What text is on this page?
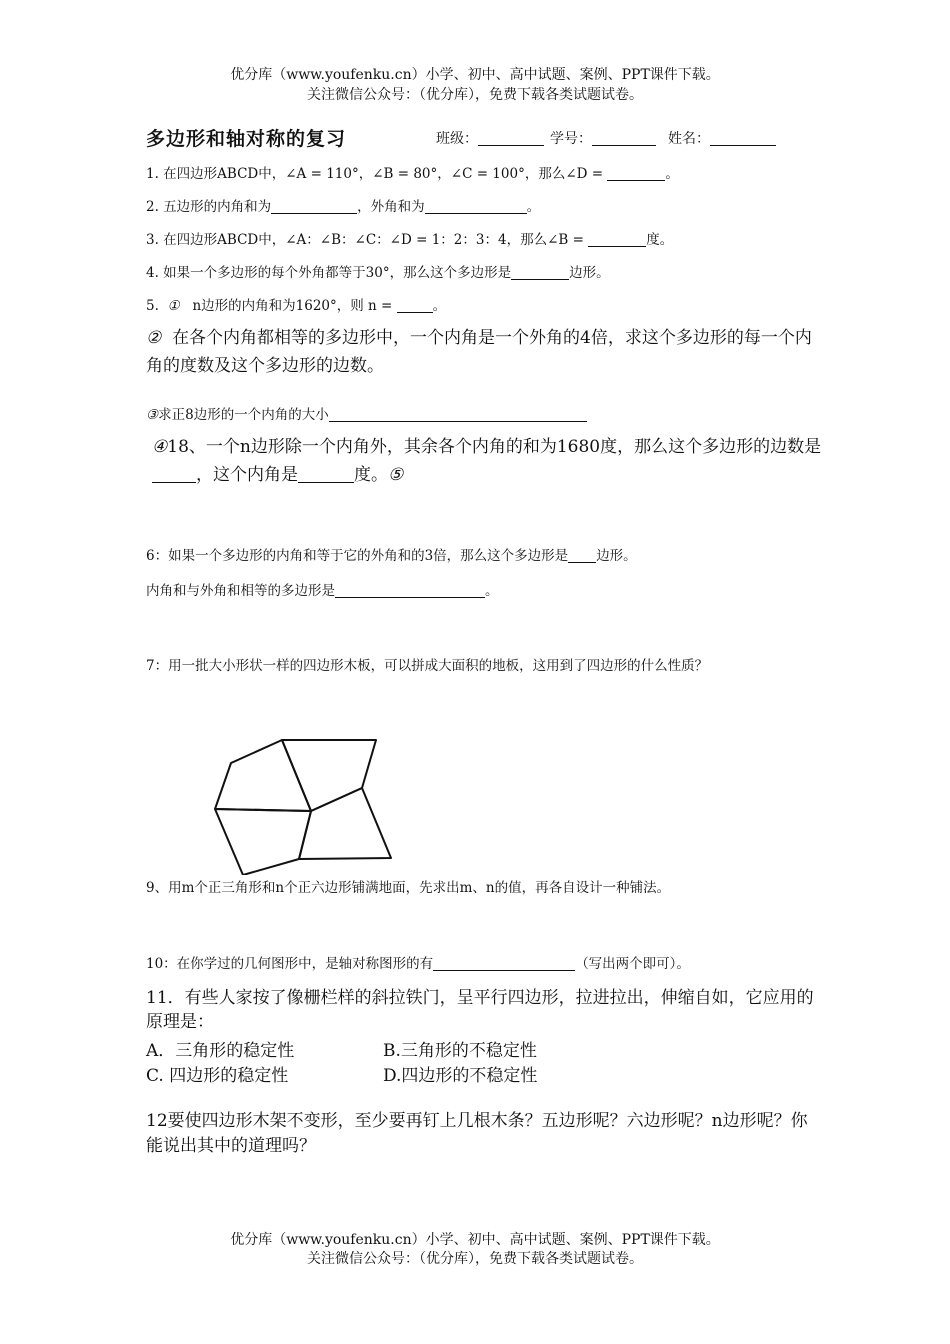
优分库（www.youfenku.cn）小学、初中、高中试题、案例、PPT课件下载。
关注微信公众号：（优分库），免费下载各类试题试卷。
多边形和轴对称的复习	班级：	学号：	姓名：
1. 在四边形ABCD中，∠A = 110°，∠B = 80°，∠C = 100°，那么∠D =	。
2. 五边形的内角和为	，外角和为	。
3. 在四边形ABCD中，∠A：∠B：∠C：∠D = 1：2：3：4，那么∠B =	度。
4. 如果一个多边形的每个外角都等于30°，那么这个多边形是	边形。
5. ① n边形的内角和为1620°，则 n =	。
② 在各个内角都相等的多边形中，一个内角是一个外角的4倍，求这个多边形的每一个内角的度数及这个多边形的边数。
③求正8边形的一个内角的大小
④18、一个n边形除一个内角外，其余各个内角的和为1680度，那么这个多边形的边数是，这个内角是	度。⑤
6：如果一个多边形的内角和等于它的外角和的3倍，那么这个多边形是 边形。
内角和与外角和相等的多边形是	。
7：用一批大小形状一样的四边形木板，可以拼成大面积的地板，这用到了四边形的什么性质？
9、用m个正三角形和n个正六边形铺满地面，先求出m、n的值，再各自设计一种铺法。
10：在你学过的几何图形中，是轴对称图形的有	（写出两个即可）。
11．有些人家按了像栅栏样的斜拉铁门，呈平行四边形，拉进拉出，伸缩自如，它应用的原理是：
A．三角形的稳定性	B.三角形的不稳定性
C. 四边形的稳定性	D.四边形的不稳定性
12要使四边形木架不变形，至少要再钉上几根木条？五边形呢？六边形呢？n边形呢？你能说出其中的道理吗？
优分库（www.youfenku.cn）小学、初中、高中试题、案例、PPT课件下载。
关注微信公众号：（优分库），免费下载各类试题试卷。
